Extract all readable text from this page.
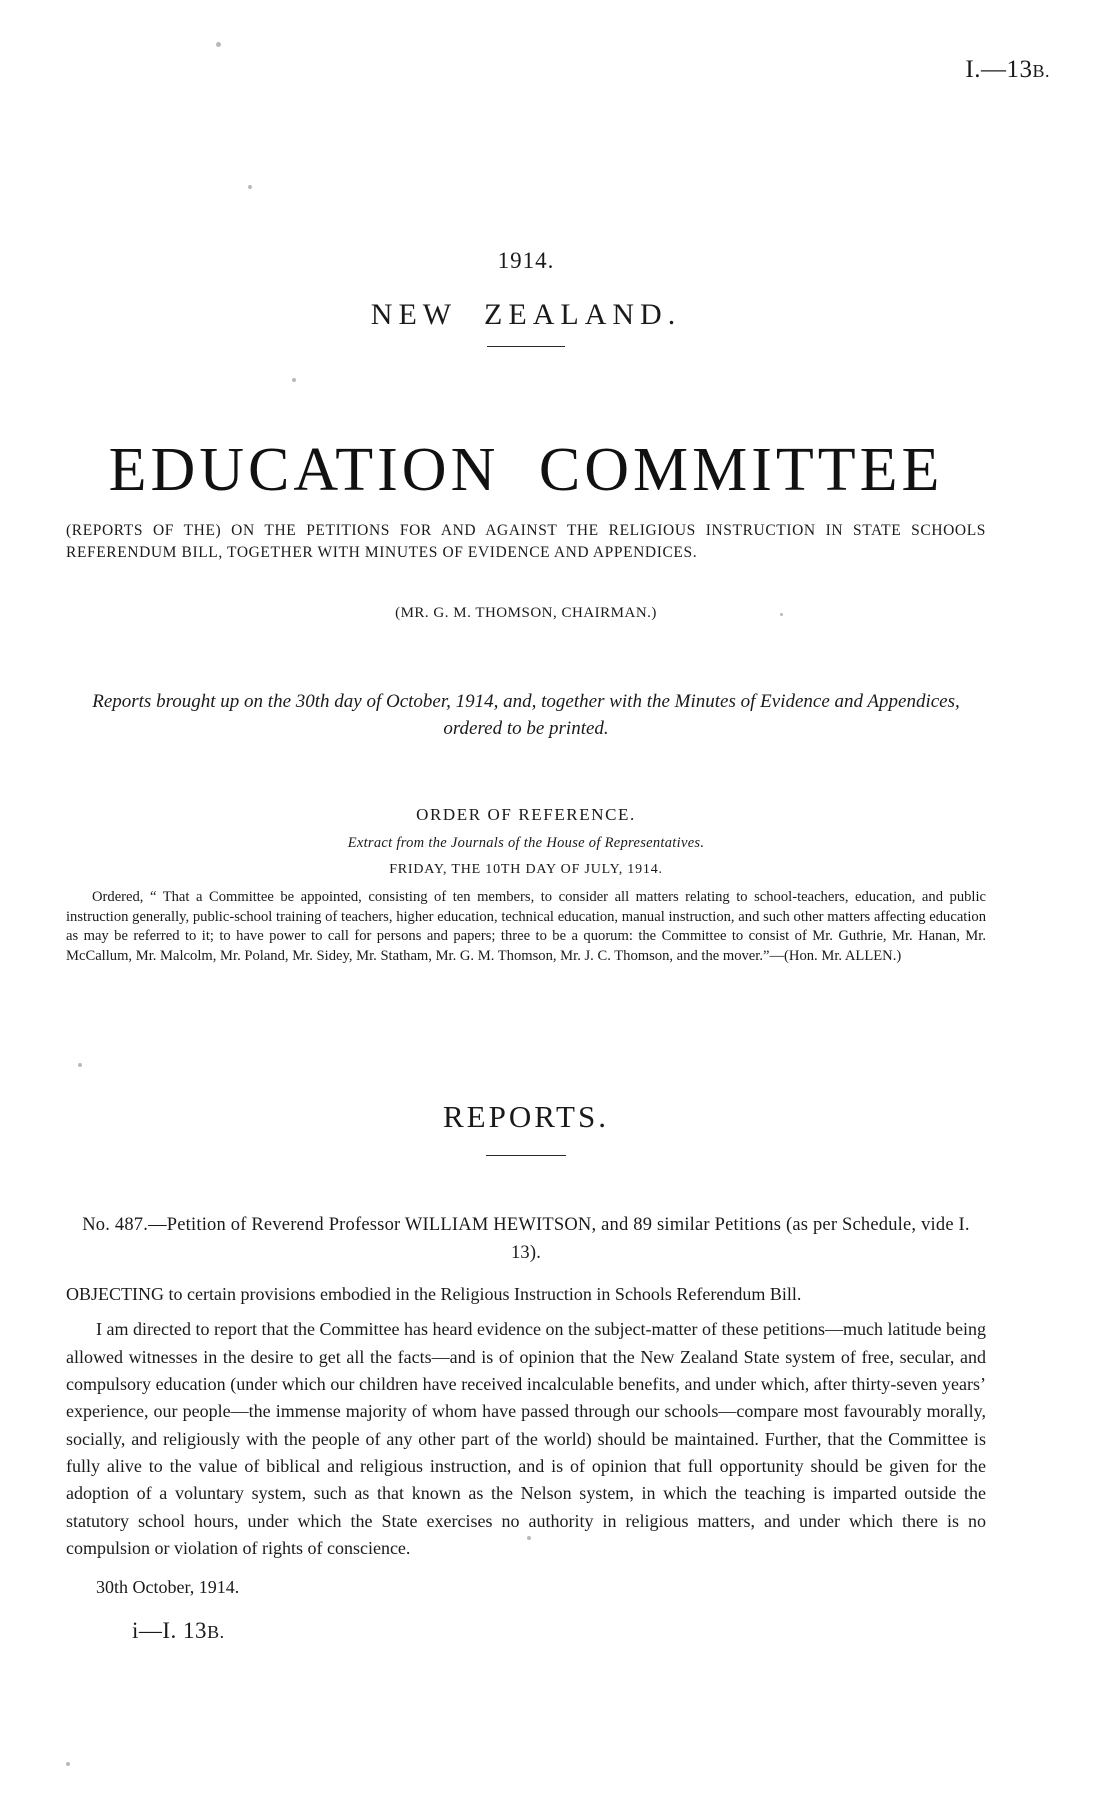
I.—13B.
1914.
NEW ZEALAND.
EDUCATION COMMITTEE
(REPORTS OF THE) ON THE PETITIONS FOR AND AGAINST THE RELIGIOUS INSTRUCTION IN STATE SCHOOLS REFERENDUM BILL, TOGETHER WITH MINUTES OF EVIDENCE AND APPENDICES.
(MR. G. M. THOMSON, CHAIRMAN.)
Reports brought up on the 30th day of October, 1914, and, together with the Minutes of Evidence and Appendices, ordered to be printed.
ORDER OF REFERENCE.
Extract from the Journals of the House of Representatives.
FRIDAY, THE 10TH DAY OF JULY, 1914.
Ordered, “ That a Committee be appointed, consisting of ten members, to consider all matters relating to school-teachers, education, and public instruction generally, public-school training of teachers, higher education, technical education, manual instruction, and such other matters affecting education as may be referred to it; to have power to call for persons and papers; three to be a quorum: the Committee to consist of Mr. Guthrie, Mr. Hanan, Mr. McCallum, Mr. Malcolm, Mr. Poland, Mr. Sidey, Mr. Statham, Mr. G. M. Thomson, Mr. J. C. Thomson, and the mover.”—(Hon. Mr. ALLEN.)
REPORTS.
No. 487.—Petition of Reverend Professor WILLIAM HEWITSON, and 89 similar Petitions (as per Schedule, vide I. 13).
OBJECTING to certain provisions embodied in the Religious Instruction in Schools Referendum Bill.
I am directed to report that the Committee has heard evidence on the subject-matter of these petitions—much latitude being allowed witnesses in the desire to get all the facts—and is of opinion that the New Zealand State system of free, secular, and compulsory education (under which our children have received incalculable benefits, and under which, after thirty-seven years’ experience, our people—the immense majority of whom have passed through our schools—compare most favourably morally, socially, and religiously with the people of any other part of the world) should be maintained. Further, that the Committee is fully alive to the value of biblical and religious instruction, and is of opinion that full opportunity should be given for the adoption of a voluntary system, such as that known as the Nelson system, in which the teaching is imparted outside the statutory school hours, under which the State exercises no authority in religious matters, and under which there is no compulsion or violation of rights of conscience.
30th October, 1914.
i—I. 13B.
